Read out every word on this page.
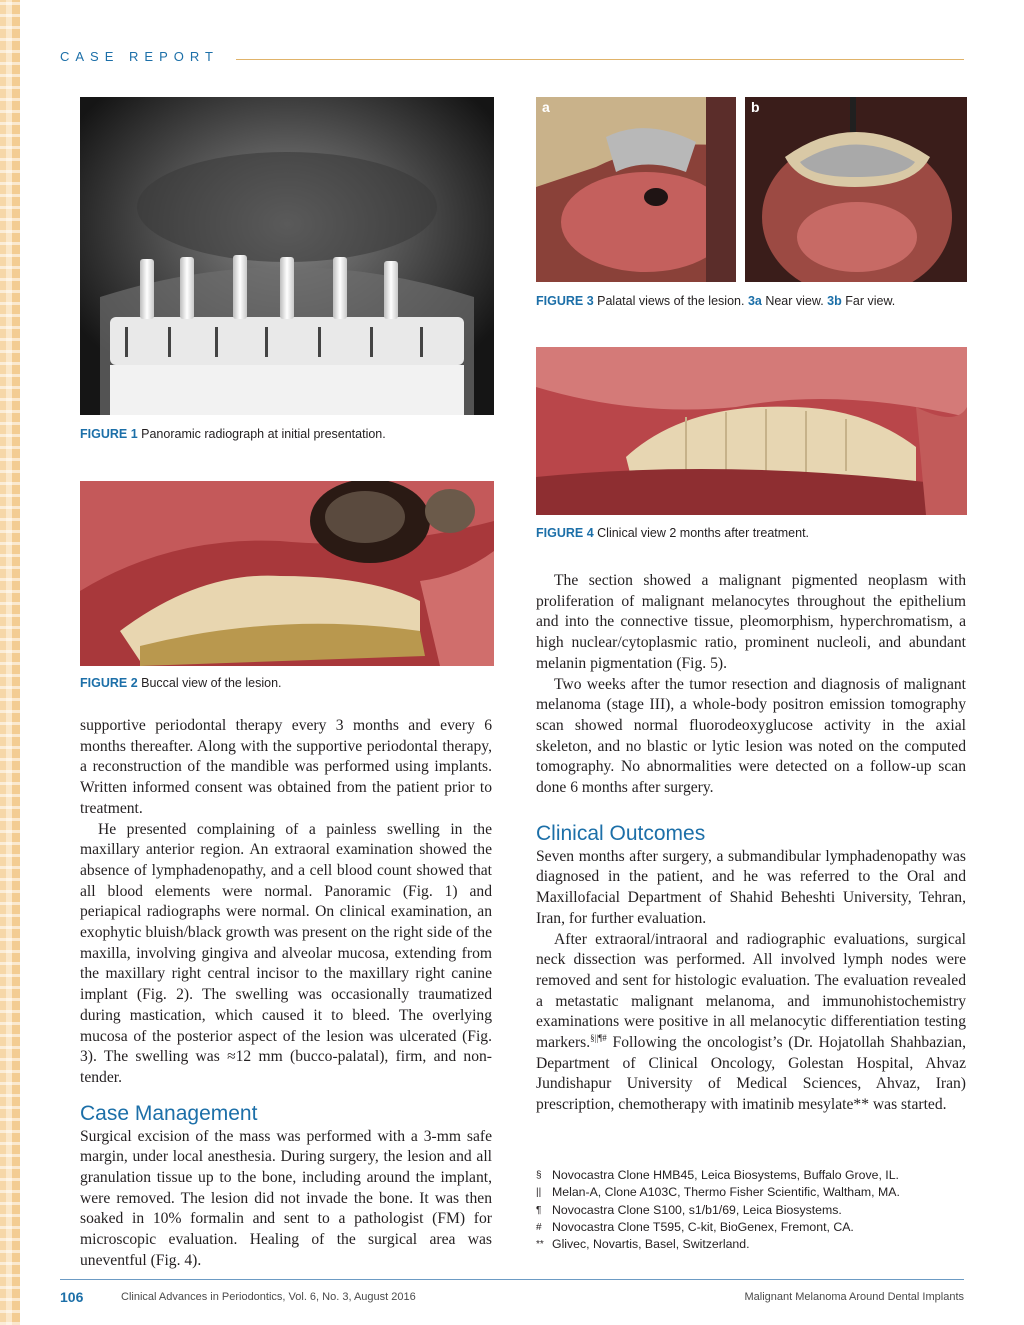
CASE REPORT
FIGURE 1 Panoramic radiograph at initial presentation.
FIGURE 2 Buccal view of the lesion.
a	b
FIGURE 3 Palatal views of the lesion. 3a Near view. 3b Far view.
FIGURE 4 Clinical view 2 months after treatment.

supportive periodontal therapy every 3 months and every 6 months thereafter. Along with the supportive periodontal therapy, a reconstruction of the mandible was performed using implants. Written informed consent was obtained from the patient prior to treatment.

He presented complaining of a painless swelling in the maxillary anterior region. An extraoral examination showed the absence of lymphadenopathy, and a cell blood count showed that all blood elements were normal. Panoramic (Fig. 1) and periapical radiographs were normal. On clinical examination, an exophytic bluish/black growth was present on the right side of the maxilla, involving gingiva and alveolar mucosa, extending from the maxillary right central incisor to the maxillary right canine implant (Fig. 2). The swelling was occasionally traumatized during mastication, which caused it to bleed. The overlying mucosa of the posterior aspect of the lesion was ulcerated (Fig. 3). The swelling was ≈12 mm (bucco-palatal), firm, and non-tender.

Case Management

Surgical excision of the mass was performed with a 3-mm safe margin, under local anesthesia. During surgery, the lesion and all granulation tissue up to the bone, including around the implant, were removed. The lesion did not invade the bone. It was then soaked in 10% formalin and sent to a pathologist (FM) for microscopic evaluation. Healing of the surgical area was uneventful (Fig. 4).

The section showed a malignant pigmented neoplasm with proliferation of malignant melanocytes throughout the epithelium and into the connective tissue, pleomorphism, hyperchromatism, a high nuclear/cytoplasmic ratio, prominent nucleoli, and abundant melanin pigmentation (Fig. 5).

Two weeks after the tumor resection and diagnosis of malignant melanoma (stage III), a whole-body positron emission tomography scan showed normal fluorodeoxyglucose activity in the axial skeleton, and no blastic or lytic lesion was noted on the computed tomography. No abnormalities were detected on a follow-up scan done 6 months after surgery.

Clinical Outcomes

Seven months after surgery, a submandibular lymphadenopathy was diagnosed in the patient, and he was referred to the Oral and Maxillofacial Department of Shahid Beheshti University, Tehran, Iran, for further evaluation.

After extraoral/intraoral and radiographic evaluations, surgical neck dissection was performed. All involved lymph nodes were removed and sent for histologic evaluation. The evaluation revealed a metastatic malignant melanoma, and immunohistochemistry examinations were positive in all melanocytic differentiation testing markers.§||¶# Following the oncologist’s (Dr. Hojatollah Shahbazian, Department of Clinical Oncology, Golestan Hospital, Ahvaz Jundishapur University of Medical Sciences, Ahvaz, Iran) prescription, chemotherapy with imatinib mesylate** was started.

§ Novocastra Clone HMB45, Leica Biosystems, Buffalo Grove, IL.
|| Melan-A, Clone A103C, Thermo Fisher Scientific, Waltham, MA.
¶ Novocastra Clone S100, s1/b1/69, Leica Biosystems.
# Novocastra Clone T595, C-kit, BioGenex, Fremont, CA.
** Glivec, Novartis, Basel, Switzerland.
106	Clinical Advances in Periodontics, Vol. 6, No. 3, August 2016	Malignant Melanoma Around Dental Implants
